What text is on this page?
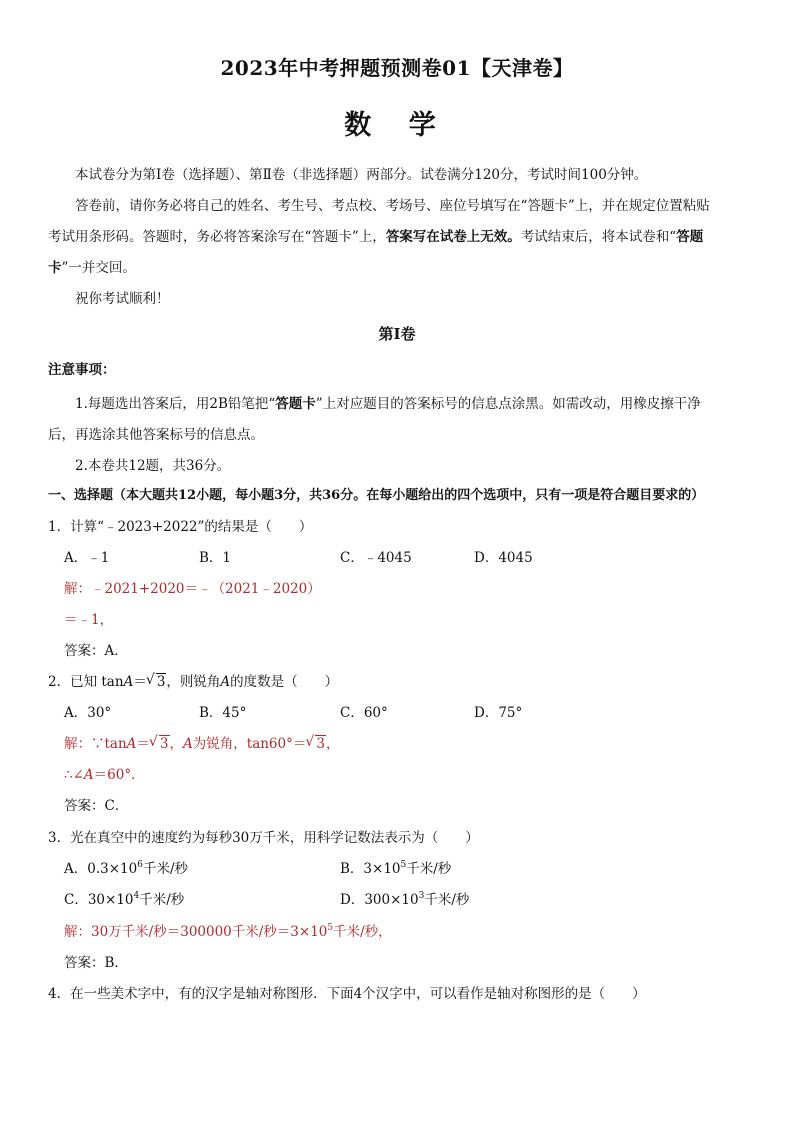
2023年中考押题预测卷01【天津卷】
数 学
本试卷分为第Ⅰ卷（选择题）、第Ⅱ卷（非选择题）两部分。试卷满分120分，考试时间100分钟。
答卷前，请你务必将自己的姓名、考生号、考点校、考场号、座位号填写在“答题卡”上，并在规定位置粘贴
考试用条形码。答题时，务必将答案涂写在“答题卡”上，答案写在试卷上无效。考试结束后，将本试卷和“答题
卡”一并交回。
祝你考试顺利！
第Ⅰ卷
注意事项：
1.每题选出答案后，用2B铅笔把“答题卡”上对应题目的答案标号的信息点涂黑。如需改动，用橡皮擦干净
后，再选涂其他答案标号的信息点。
2.本卷共12题，共36分。
一、选择题（本大题共12小题，每小题3分，共36分。在每小题给出的四个选项中，只有一项是符合题目要求的）
1．计算“﹣2023+2022”的结果是（　　）
A．﹣1	B．1	C．﹣4045	D．4045
解：﹣2021+2020＝﹣（2021﹣2020）
＝﹣1，
答案：A．
2．已知 tanA＝ √ 3，则锐角A的度数是（　　）
A．30°	B．45°	C．60°	D．75°
解：∵tanA＝ √ 3，A为锐角，tan60°＝ √ 3，
∴∠A＝60°．
答案：C．
3．光在真空中的速度约为每秒30万千米，用科学记数法表示为（　　）
A．$0.3\times 10^6$千米/秒	B．$3\times 10^5$千米/秒
C．$30\times 10^4$千米/秒	D．$300\times 10^3$千米/秒
解：30万千米/秒＝300000千米/秒$=3\times 10^5$千米/秒，
答案：B．
4．在一些美术字中，有的汉字是轴对称图形．下面4个汉字中，可以看作是轴对称图形的是（　　）
